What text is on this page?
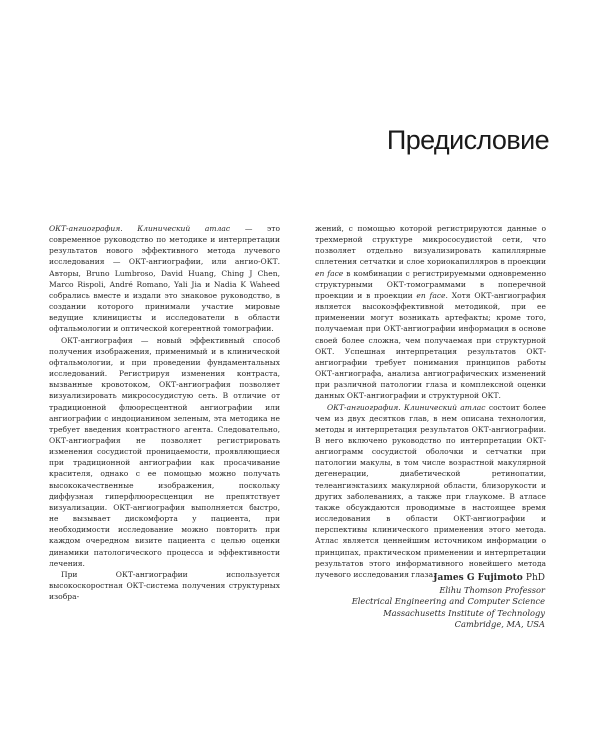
Предисловие

ОКТ-ангиография. Клинический атлас — это современное руководство по методике и интерпретации результатов нового эффективного метода лучевого исследования — ОКТ-ангиографии, или ангио-ОКТ. Авторы, Bruno Lumbroso, David Huang, Ching J Chen, Marco Rispoli, André Romano, Yali Jia и Nadia K Waheed собрались вместе и издали это знаковое руководство, в создании которого принимали участие мировые ведущие клиницисты и исследователи в области офтальмологии и оптической когерентной томографии.

ОКТ-ангиография — новый эффективный способ получения изображения, применимый и в клинической офтальмологии, и при проведении фундаментальных исследований. Регистрируя изменения контраста, вызванные кровотоком, ОКТ-ангиография позволяет визуализировать микрососудистую сеть. В отличие от традиционной флюоресцентной ангиографии или ангиографии с индоцианином зеленым, эта методика не требует введения контрастного агента. Следовательно, ОКТ-ангиография не позволяет регистрировать изменения сосудистой проницаемости, проявляющиеся при традиционной ангиографии как просачивание красителя, однако с ее помощью можно получать высококачественные изображения, поскольку диффузная гиперфлюоресценция не препятствует визуализации. ОКТ-ангиография выполняется быстро, не вызывает дискомфорта у пациента, при необходимости исследование можно повторить при каждом очередном визите пациента с целью оценки динамики патологического процесса и эффективности лечения.

При ОКТ-ангиографии используется высокоскоростная ОКТ-система получения структурных изобра-

жений, с помощью которой регистрируются данные о трехмерной структуре микрососудистой сети, что позволяет отдельно визуализировать капиллярные сплетения сетчатки и слое хориокапилляров в проекции en face в комбинации с регистрируемыми одновременно структурными ОКТ-томограммами в поперечной проекции и в проекции en face. Хотя ОКТ-ангиография является высокоэффективной методикой, при ее применении могут возникать артефакты; кроме того, получаемая при ОКТ-ангиографии информация в основе своей более сложна, чем получаемая при структурной ОКТ. Успешная интерпретация результатов ОКТ-ангиографии требует понимания принципов работы ОКТ-ангиографа, анализа ангиографических изменений при различной патологии глаза и комплексной оценки данных ОКТ-ангиографии и структурной ОКТ.

ОКТ-ангиография. Клинический атлас состоит более чем из двух десятков глав, в нем описана технология, методы и интерпретация результатов ОКТ-ангиографии. В него включено руководство по интерпретации ОКТ-ангиограмм сосудистой оболочки и сетчатки при патологии макулы, в том числе возрастной макулярной дегенерации, диабетической ретинопатии, телеангиэктазиях макулярной области, близорукости и других заболеваниях, а также при глаукоме. В атласе также обсуждаются проводимые в настоящее время исследования в области ОКТ-ангиографии и перспективы клинического применения этого метода. Атлас является ценнейшим источником информации о принципах, практическом применении и интерпретации результатов этого информативного новейшего метода лучевого исследования глаза.

James G Fujimoto PhD
Elihu Thomson Professor
Electrical Engineering and Computer Science
Massachusetts Institute of Technology
Cambridge, MA, USA
